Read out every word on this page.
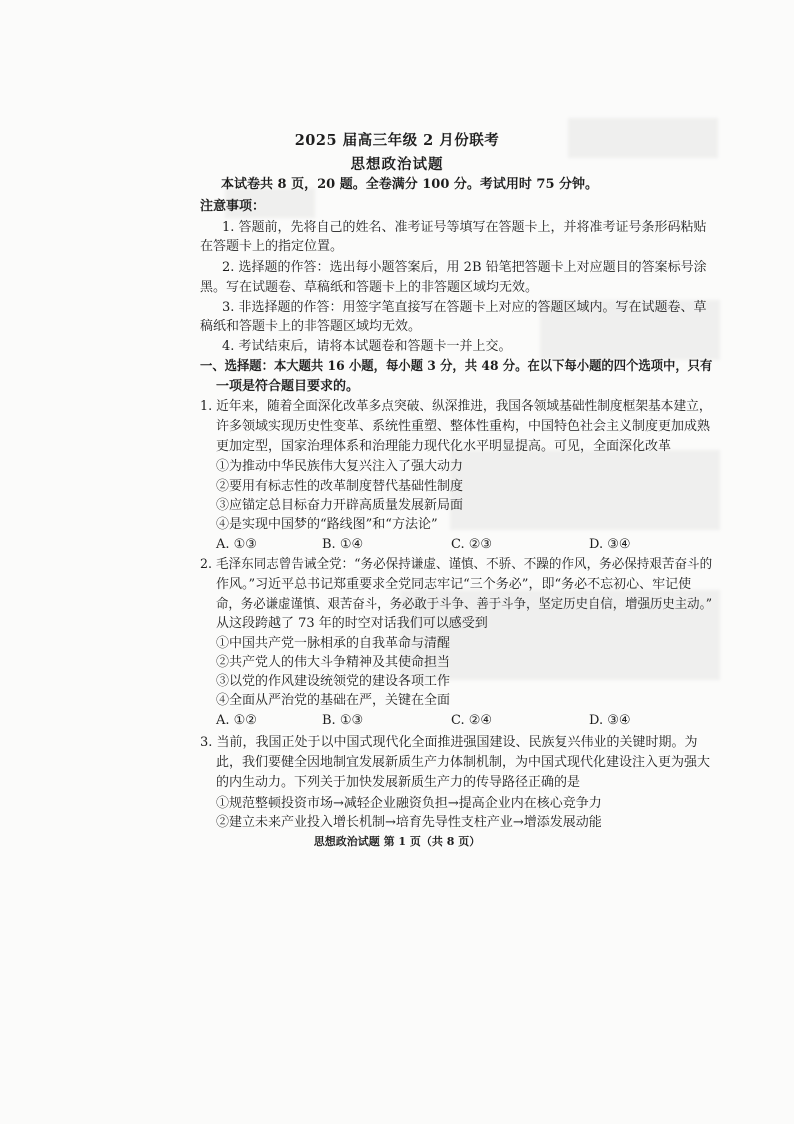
2025 届高三年级 2 月份联考
思想政治试题
本试卷共 8 页，20 题。全卷满分 100 分。考试用时 75 分钟。
注意事项：
1. 答题前，先将自己的姓名、准考证号等填写在答题卡上，并将准考证号条形码粘贴
在答题卡上的指定位置。
2. 选择题的作答：选出每小题答案后，用 2B 铅笔把答题卡上对应题目的答案标号涂
黑。写在试题卷、草稿纸和答题卡上的非答题区域均无效。
3. 非选择题的作答：用签字笔直接写在答题卡上对应的答题区域内。写在试题卷、草
稿纸和答题卡上的非答题区域均无效。
4. 考试结束后，请将本试题卷和答题卡一并上交。
一、选择题：本大题共 16 小题，每小题 3 分，共 48 分。在以下每小题的四个选项中，只有
一项是符合题目要求的。
1. 近年来，随着全面深化改革多点突破、纵深推进，我国各领域基础性制度框架基本建立，
许多领域实现历史性变革、系统性重塑、整体性重构，中国特色社会主义制度更加成熟
更加定型，国家治理体系和治理能力现代化水平明显提高。可见，全面深化改革
①为推动中华民族伟大复兴注入了强大动力
②要用有标志性的改革制度替代基础性制度
③应锚定总目标奋力开辟高质量发展新局面
④是实现中国梦的“路线图”和“方法论”
A. ①③	B. ①④	C. ②③	D. ③④
2. 毛泽东同志曾告诫全党：“务必保持谦虚、谨慎、不骄、不躁的作风，务必保持艰苦奋斗的
作风。”习近平总书记郑重要求全党同志牢记“三个务必”，即“务必不忘初心、牢记使
命，务必谦虚谨慎、艰苦奋斗，务必敢于斗争、善于斗争，坚定历史自信，增强历史主动。”
从这段跨越了 73 年的时空对话我们可以感受到
①中国共产党一脉相承的自我革命与清醒
②共产党人的伟大斗争精神及其使命担当
③以党的作风建设统领党的建设各项工作
④全面从严治党的基础在严，关键在全面
A. ①②	B. ①③	C. ②④	D. ③④
3. 当前，我国正处于以中国式现代化全面推进强国建设、民族复兴伟业的关键时期。为
此，我们要健全因地制宜发展新质生产力体制机制，为中国式现代化建设注入更为强大
的内生动力。下列关于加快发展新质生产力的传导路径正确的是
①规范整顿投资市场→减轻企业融资负担→提高企业内在核心竞争力
②建立未来产业投入增长机制→培育先导性支柱产业→增添发展动能
思想政治试题 第 1 页（共 8 页）
